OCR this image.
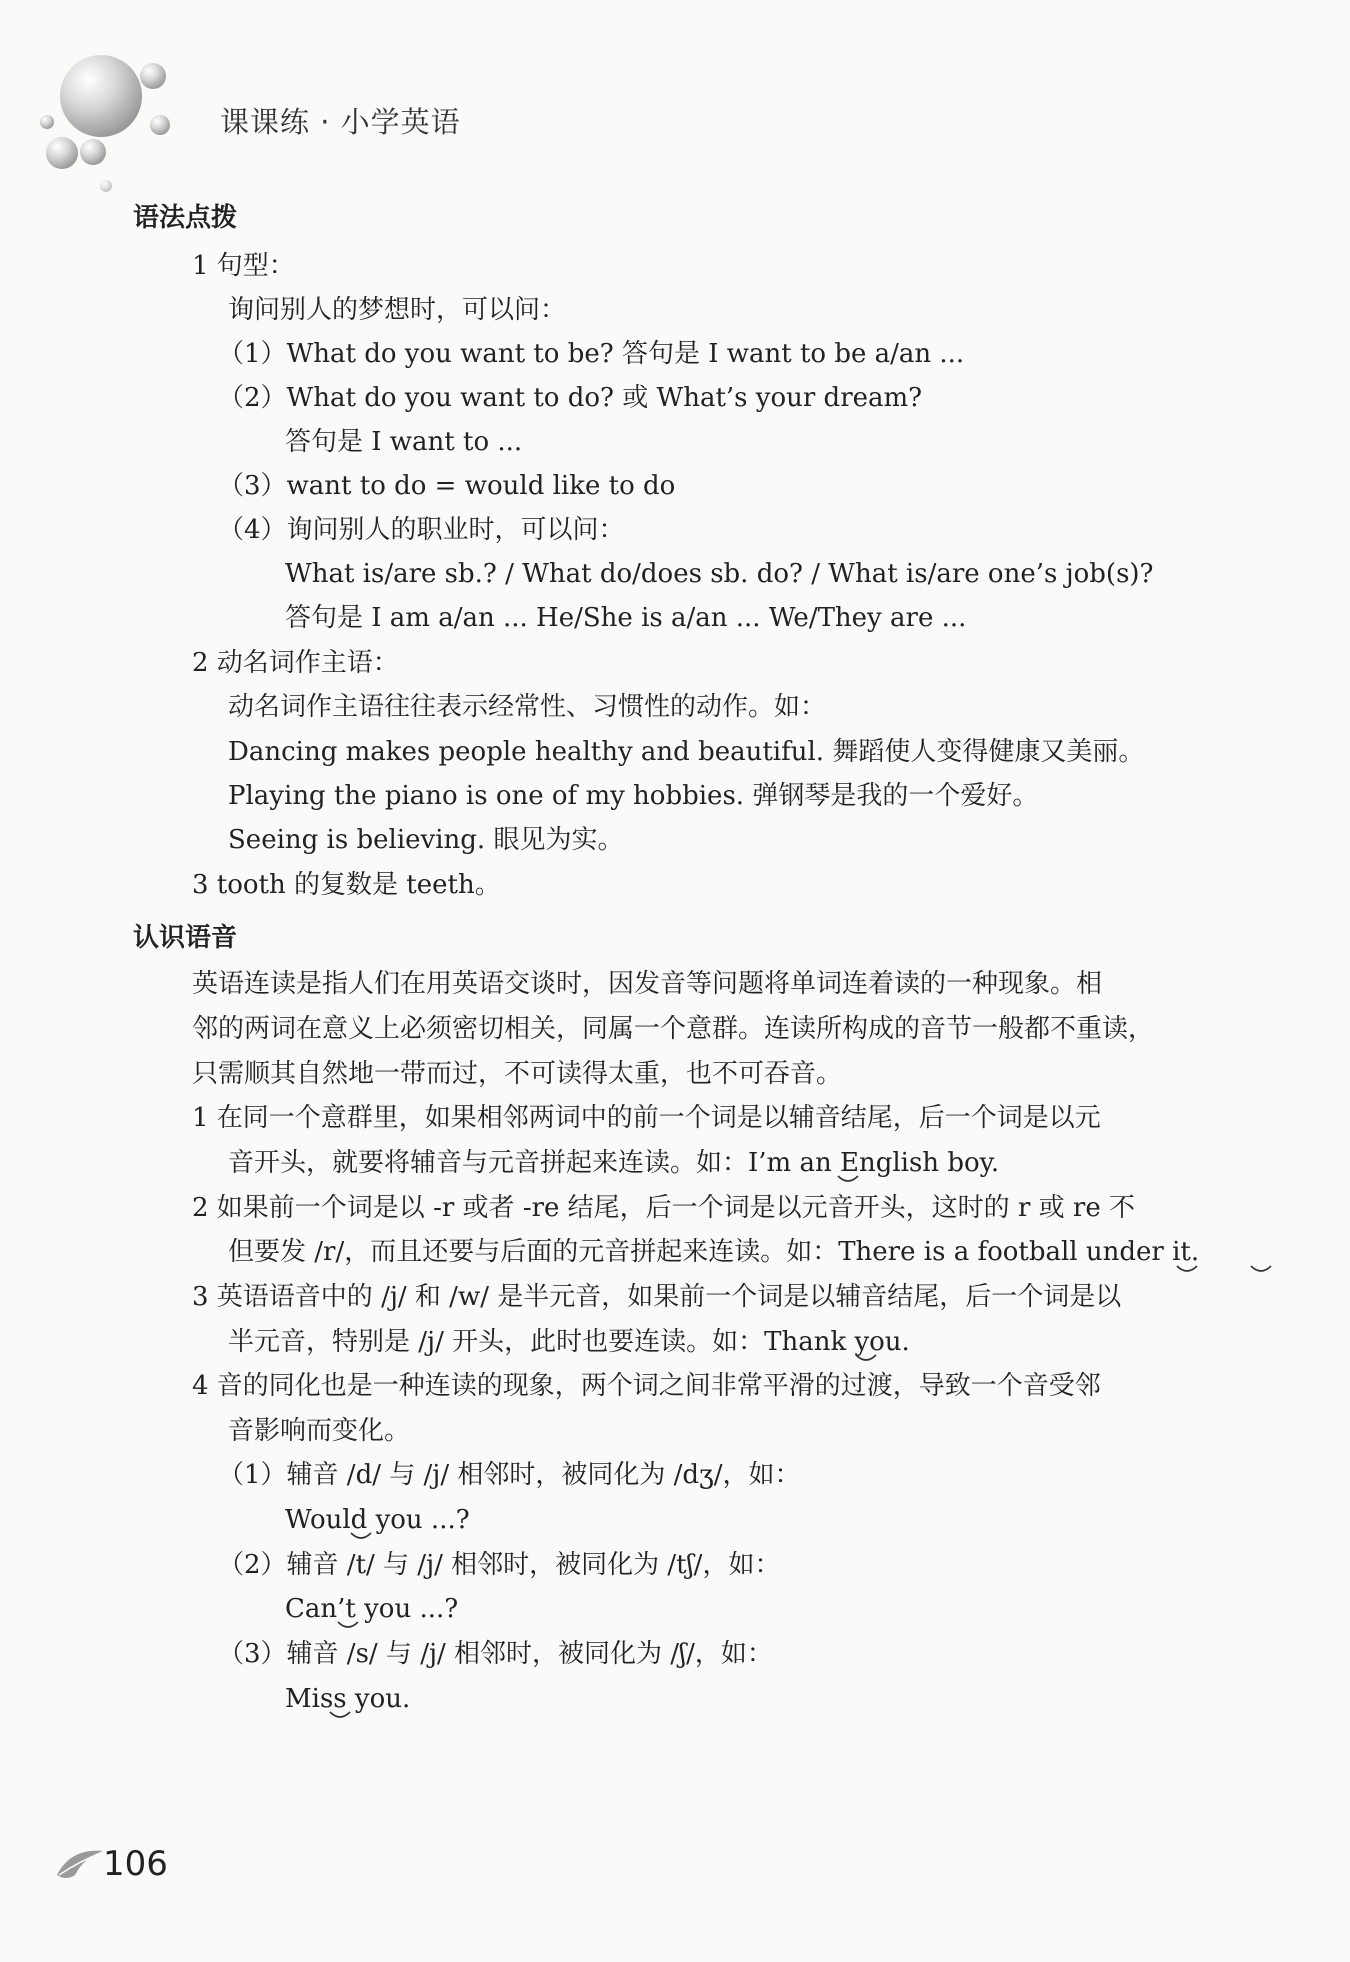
课课练 · 小学英语
语法点拨
1 句型：
询问别人的梦想时，可以问：
（1）What do you want to be? 答句是 I want to be a/an ...
（2）What do you want to do? 或 What’s your dream?
答句是 I want to ...
（3）want to do = would like to do
（4）询问别人的职业时，可以问：
What is/are sb.? / What do/does sb. do? / What is/are one’s job(s)?
答句是 I am a/an ... He/She is a/an ... We/They are ...
2 动名词作主语：
动名词作主语往往表示经常性、习惯性的动作。如：
Dancing makes people healthy and beautiful. 舞蹈使人变得健康又美丽。
Playing the piano is one of my hobbies. 弹钢琴是我的一个爱好。
Seeing is believing. 眼见为实。
3 tooth 的复数是 teeth。
认识语音
英语连读是指人们在用英语交谈时，因发音等问题将单词连着读的一种现象。相
邻的两词在意义上必须密切相关，同属一个意群。连读所构成的音节一般都不重读，
只需顺其自然地一带而过，不可读得太重，也不可吞音。
1 在同一个意群里，如果相邻两词中的前一个词是以辅音结尾，后一个词是以元
音开头，就要将辅音与元音拼起来连读。如：I’m an English boy.
2 如果前一个词是以 -r 或者 -re 结尾，后一个词是以元音开头，这时的 r 或 re 不
但要发 /r/，而且还要与后面的元音拼起来连读。如：There is a football under it.
3 英语语音中的 /j/ 和 /w/ 是半元音，如果前一个词是以辅音结尾，后一个词是以
半元音，特别是 /j/ 开头，此时也要连读。如：Thank you.
4 音的同化也是一种连读的现象，两个词之间非常平滑的过渡，导致一个音受邻
音影响而变化。
（1）辅音 /d/ 与 /j/ 相邻时，被同化为 /dʒ/，如：
Would you ...?
（2）辅音 /t/ 与 /j/ 相邻时，被同化为 /tʃ/，如：
Can’t you ...?
（3）辅音 /s/ 与 /j/ 相邻时，被同化为 /ʃ/，如：
Miss you.
106
